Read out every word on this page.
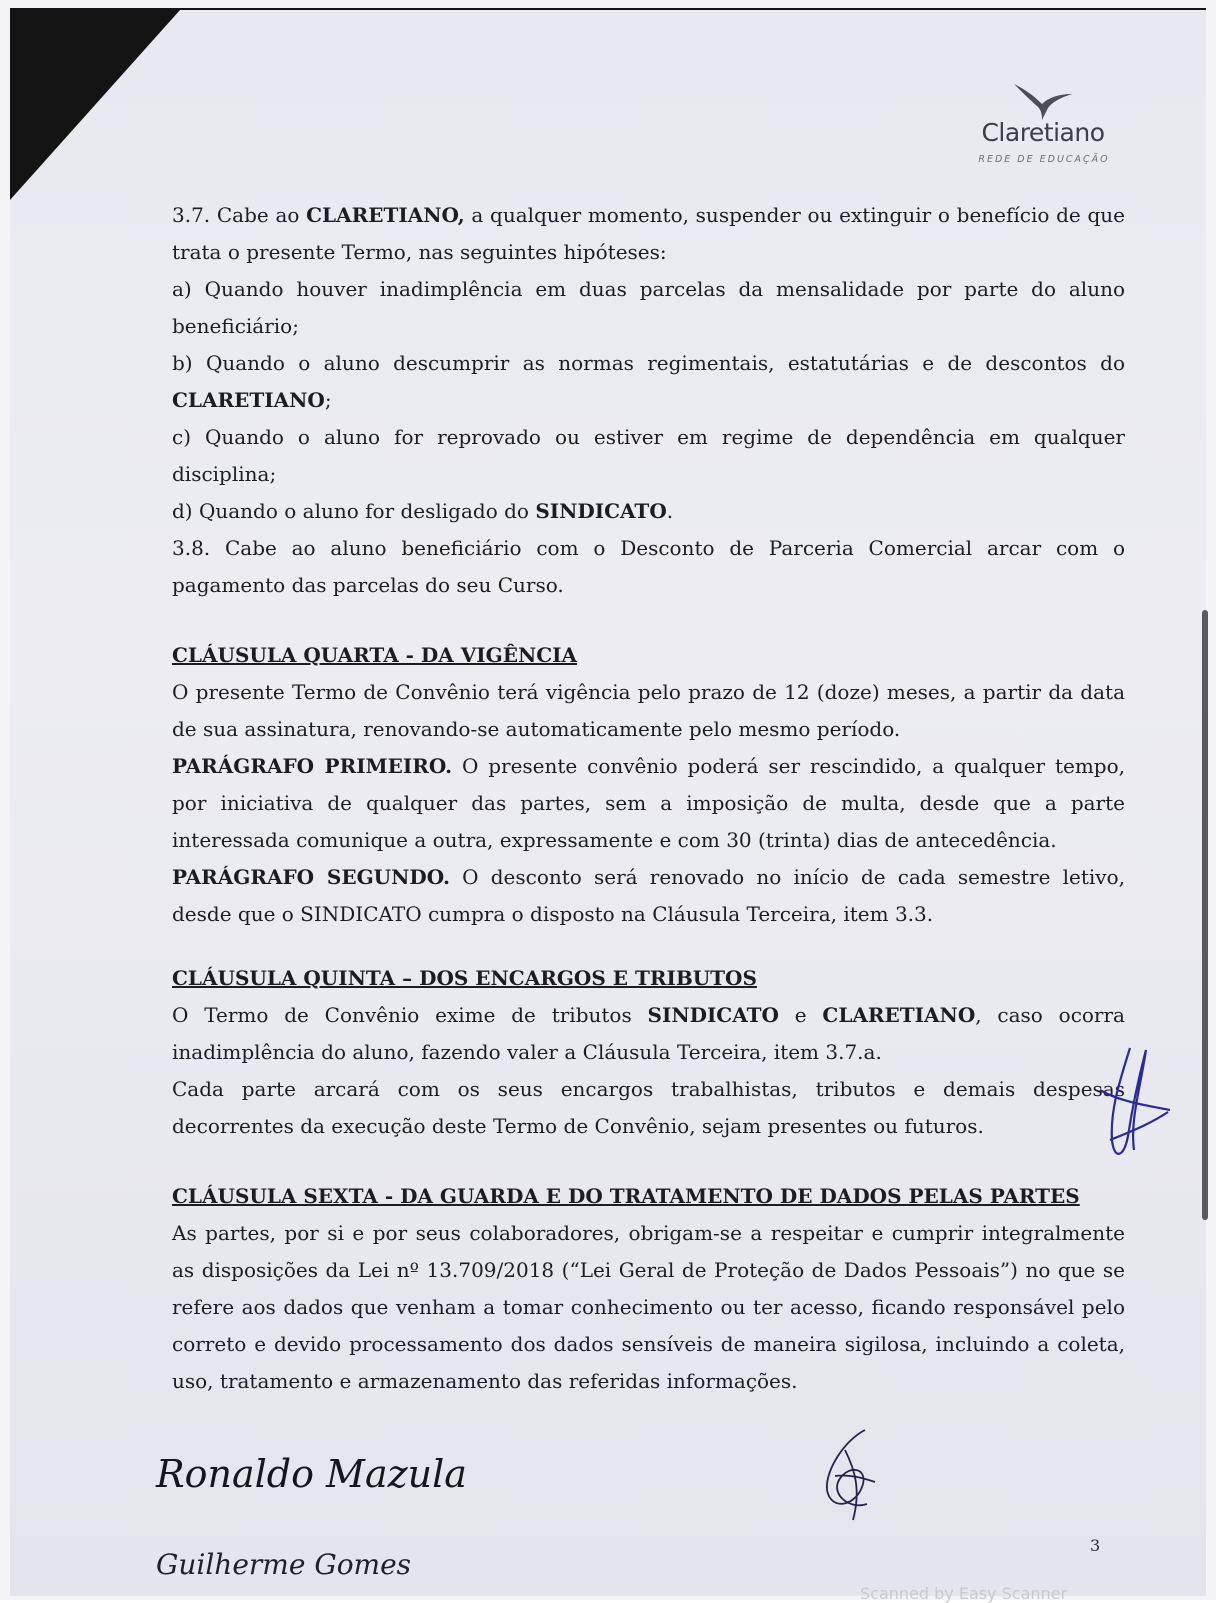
Claretiano
REDE DE EDUCAÇÃO

3.7. Cabe ao CLARETIANO, a qualquer momento, suspender ou extinguir o benefício de que trata o presente Termo, nas seguintes hipóteses:

a) Quando houver inadimplência em duas parcelas da mensalidade por parte do aluno beneficiário;

b) Quando o aluno descumprir as normas regimentais, estatutárias e de descontos do CLARETIANO;

c) Quando o aluno for reprovado ou estiver em regime de dependência em qualquer disciplina;

d) Quando o aluno for desligado do SINDICATO.

3.8. Cabe ao aluno beneficiário com o Desconto de Parceria Comercial arcar com o pagamento das parcelas do seu Curso.

CLÁUSULA QUARTA - DA VIGÊNCIA

O presente Termo de Convênio terá vigência pelo prazo de 12 (doze) meses, a partir da data de sua assinatura, renovando-se automaticamente pelo mesmo período.

PARÁGRAFO PRIMEIRO. O presente convênio poderá ser rescindido, a qualquer tempo, por iniciativa de qualquer das partes, sem a imposição de multa, desde que a parte interessada comunique a outra, expressamente e com 30 (trinta) dias de antecedência.

PARÁGRAFO SEGUNDO. O desconto será renovado no início de cada semestre letivo, desde que o SINDICATO cumpra o disposto na Cláusula Terceira, item 3.3.

CLÁUSULA QUINTA – DOS ENCARGOS E TRIBUTOS

O Termo de Convênio exime de tributos SINDICATO e CLARETIANO, caso ocorra inadimplência do aluno, fazendo valer a Cláusula Terceira, item 3.7.a.

Cada parte arcará com os seus encargos trabalhistas, tributos e demais despesas decorrentes da execução deste Termo de Convênio, sejam presentes ou futuros.

CLÁUSULA SEXTA - DA GUARDA E DO TRATAMENTO DE DADOS PELAS PARTES

As partes, por si e por seus colaboradores, obrigam-se a respeitar e cumprir integralmente as disposições da Lei nº 13.709/2018 (“Lei Geral de Proteção de Dados Pessoais”) no que se refere aos dados que venham a tomar conhecimento ou ter acesso, ficando responsável pelo correto e devido processamento dos dados sensíveis de maneira sigilosa, incluindo a coleta, uso, tratamento e armazenamento das referidas informações.

Ronaldo Mazula
Guilherme Gomes
3
Scanned by Easy Scanner
